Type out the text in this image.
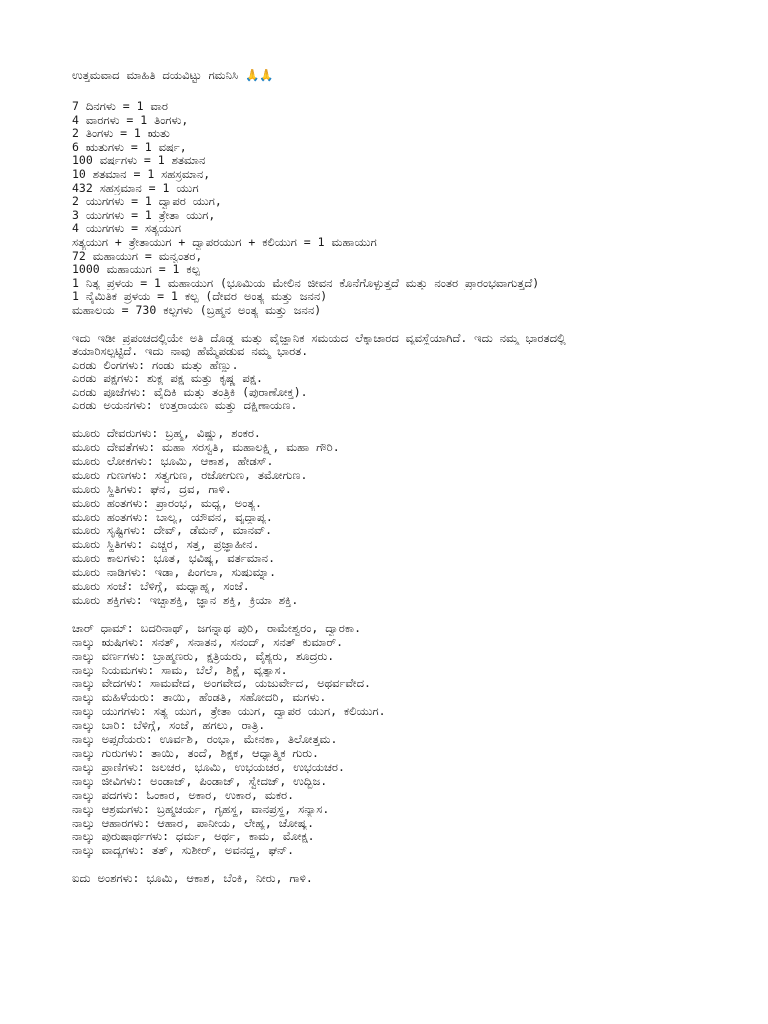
ಉತ್ತಮವಾದ ಮಾಹಿತಿ ದಯವಿಟ್ಟು ಗಮನಿಸಿ 🙏🙏
7 ದಿನಗಳು = 1 ವಾರ
4 ವಾರಗಳು = 1 ತಿಂಗಳು,
2 ತಿಂಗಳು = 1 ಋತು
6 ಋತುಗಳು = 1 ವರ್ಷ,
100 ವರ್ಷಗಳು = 1 ಶತಮಾನ
10 ಶತಮಾನ = 1 ಸಹಸ್ರಮಾನ,
432 ಸಹಸ್ರಮಾನ = 1 ಯುಗ
2 ಯುಗಗಳು = 1 ದ್ವಾಪರ ಯುಗ,
3 ಯುಗಗಳು = 1 ತ್ರೇತಾ ಯುಗ,
4 ಯುಗಗಳು = ಸತ್ಯಯುಗ
ಸತ್ಯಯುಗ + ತ್ರೇತಾಯುಗ + ದ್ವಾಪರಯುಗ + ಕಲಿಯುಗ = 1 ಮಹಾಯುಗ
72 ಮಹಾಯುಗ = ಮನ್ವಂತರ,
1000 ಮಹಾಯುಗ = 1 ಕಲ್ಪ
1 ನಿತ್ಯ ಪ್ರಳಯ = 1 ಮಹಾಯುಗ (ಭೂಮಿಯ ಮೇಲಿನ ಜೀವನ ಕೊನೆಗೊಳ್ಳುತ್ತದೆ ಮತ್ತು ನಂತರ ಪ್ರಾರಂಭವಾಗುತ್ತದೆ)
1 ನೈಮಿತಿಕ ಪ್ರಳಯ = 1 ಕಲ್ಪ (ದೇವರ ಅಂತ್ಯ ಮತ್ತು ಜನನ)
ಮಹಾಲಯ = 730 ಕಲ್ಪಗಳು (ಬ್ರಹ್ಮನ ಅಂತ್ಯ ಮತ್ತು ಜನನ)
ಇದು ಇಡೀ ಪ್ರಪಂಚದಲ್ಲಿಯೇ ಅತಿ ದೊಡ್ಡ ಮತ್ತು ವೈಜ್ಞಾನಿಕ ಸಮಯದ ಲೆಕ್ಕಾಚಾರದ ವ್ಯವಸ್ಥೆಯಾಗಿದೆ. ಇದು ನಮ್ಮ ಭಾರತದಲ್ಲಿ
ತಯಾರಿಸಲ್ಪಟ್ಟಿದೆ. ಇದು ನಾವು ಹೆಮ್ಮೆಪಡುವ ನಮ್ಮ ಭಾರತ.
ಎರಡು ಲಿಂಗಗಳು: ಗಂಡು ಮತ್ತು ಹೆಣ್ಣು.
ಎರಡು ಪಕ್ಷಗಳು: ಶುಕ್ಲ ಪಕ್ಷ ಮತ್ತು ಕೃಷ್ಣ ಪಕ್ಷ.
ಎರಡು ಪೂಜೆಗಳು: ವೈದಿಕಿ ಮತ್ತು ತಂತ್ರಿಕಿ (ಪುರಾಣೋಕ್ತ).
ಎರಡು ಅಯನಗಳು: ಉತ್ತರಾಯಣ ಮತ್ತು ದಕ್ಷಿಣಾಯಣ.
ಮೂರು ದೇವರುಗಳು: ಬ್ರಹ್ಮ, ವಿಷ್ಣು, ಶಂಕರ.
ಮೂರು ದೇವತೆಗಳು: ಮಹಾ ಸರಸ್ವತಿ, ಮಹಾಲಕ್ಷ್ಮಿ, ಮಹಾ ಗೌರಿ.
ಮೂರು ಲೋಕಗಳು: ಭೂಮಿ, ಆಕಾಶ, ಹೇಡಸ್.
ಮೂರು ಗುಣಗಳು: ಸತ್ವಗುಣ, ರಜೋಗುಣ, ತಮೋಗುಣ.
ಮೂರು ಸ್ಥಿತಿಗಳು: ಘನ, ದ್ರವ, ಗಾಳಿ.
ಮೂರು ಹಂತಗಳು: ಪ್ರಾರಂಭ, ಮಧ್ಯ, ಅಂತ್ಯ.
ಮೂರು ಹಂತಗಳು: ಬಾಲ್ಯ, ಯೌವನ, ವೃದ್ಧಾಪ್ಯ.
ಮೂರು ಸೃಷ್ಟಿಗಳು: ದೇವ್, ಡೆಮನ್, ಮಾನವ್.
ಮೂರು ಸ್ಥಿತಿಗಳು: ಎಚ್ಚರ, ಸತ್ತ, ಪ್ರಜ್ಞಾಹೀನ.
ಮೂರು ಕಾಲಗಳು: ಭೂತ, ಭವಿಷ್ಯ, ವರ್ತಮಾನ.
ಮೂರು ನಾಡಿಗಳು: ಇಡಾ, ಪಿಂಗಲಾ, ಸುಷುಮ್ನಾ.
ಮೂರು ಸಂಜೆ: ಬೆಳಿಗ್ಗೆ, ಮಧ್ಯಾಹ್ನ, ಸಂಜೆ.
ಮೂರು ಶಕ್ತಿಗಳು: ಇಚ್ಛಾಶಕ್ತಿ, ಜ್ಞಾನ ಶಕ್ತಿ, ಕ್ರಿಯಾ ಶಕ್ತಿ.
ಚಾರ್ ಧಾಮ್: ಬದರಿನಾಥ್, ಜಗನ್ನಾಥ ಪುರಿ, ರಾಮೇಶ್ವರಂ, ದ್ವಾರಕಾ.
ನಾಲ್ಕು ಋಷಿಗಳು: ಸನತ್, ಸನಾತನ, ಸನಂದ್, ಸನತ್ ಕುಮಾರ್.
ನಾಲ್ಕು ವರ್ಣಗಳು: ಬ್ರಾಹ್ಮಣರು, ಕ್ಷತ್ರಿಯರು, ವೈಶ್ಯರು, ಶೂದ್ರರು.
ನಾಲ್ಕು ನಿಯಮಗಳು: ಸಾಮ, ಬೆಲೆ, ಶಿಕ್ಷೆ, ವ್ಯತ್ಯಾಸ.
ನಾಲ್ಕು ವೇದಗಳು: ಸಾಮವೇದ, ಅಂಗವೇದ, ಯಜುರ್ವೇದ, ಅಥರ್ವವೇದ.
ನಾಲ್ಕು ಮಹಿಳೆಯರು: ತಾಯಿ, ಹೆಂಡತಿ, ಸಹೋದರಿ, ಮಗಳು.
ನಾಲ್ಕು ಯುಗಗಳು: ಸತ್ಯ ಯುಗ, ತ್ರೇತಾ ಯುಗ, ದ್ವಾಪರ ಯುಗ, ಕಲಿಯುಗ.
ನಾಲ್ಕು ಬಾರಿ: ಬೆಳಿಗ್ಗೆ, ಸಂಜೆ, ಹಗಲು, ರಾತ್ರಿ.
ನಾಲ್ಕು ಅಪ್ಸರೆಯರು: ಊರ್ವಶಿ, ರಂಭಾ, ಮೇನಕಾ, ತಿಲೋತ್ತಮ.
ನಾಲ್ಕು ಗುರುಗಳು: ತಾಯಿ, ತಂದೆ, ಶಿಕ್ಷಕ, ಆಧ್ಯಾತ್ಮಿಕ ಗುರು.
ನಾಲ್ಕು ಪ್ರಾಣಿಗಳು: ಜಲಚರ, ಭೂಮಿ, ಉಭಯಚರ, ಉಭಯಚರ.
ನಾಲ್ಕು ಜೀವಿಗಳು: ಅಂಡಾಜ್, ಪಿಂಡಾಜ್, ಸ್ವೇದಜ್, ಉದ್ಭಿಜ.
ನಾಲ್ಕು ಪದಗಳು: ಓಂಕಾರ, ಅಕಾರ, ಉಕಾರ, ಮಕರ.
ನಾಲ್ಕು ಆಶ್ರಮಗಳು: ಬ್ರಹ್ಮಚರ್ಯ, ಗೃಹಸ್ಥ, ವಾನಪ್ರಸ್ಥ, ಸನ್ಯಾಸ.
ನಾಲ್ಕು ಆಹಾರಗಳು: ಆಹಾರ, ಪಾನೀಯ, ಲೇಹ್ಯ, ಚೋಷ್ಯ.
ನಾಲ್ಕು ಪುರುಷಾರ್ಥಗಳು: ಧರ್ಮ, ಅರ್ಥ, ಕಾಮ, ಮೋಕ್ಷ.
ನಾಲ್ಕು ವಾದ್ಯಗಳು: ತತ್, ಸುಶೀರ್, ಅವನದ್ಧ, ಘನ್.
ಐದು ಅಂಶಗಳು: ಭೂಮಿ, ಆಕಾಶ, ಬೆಂಕಿ, ನೀರು, ಗಾಳಿ.
